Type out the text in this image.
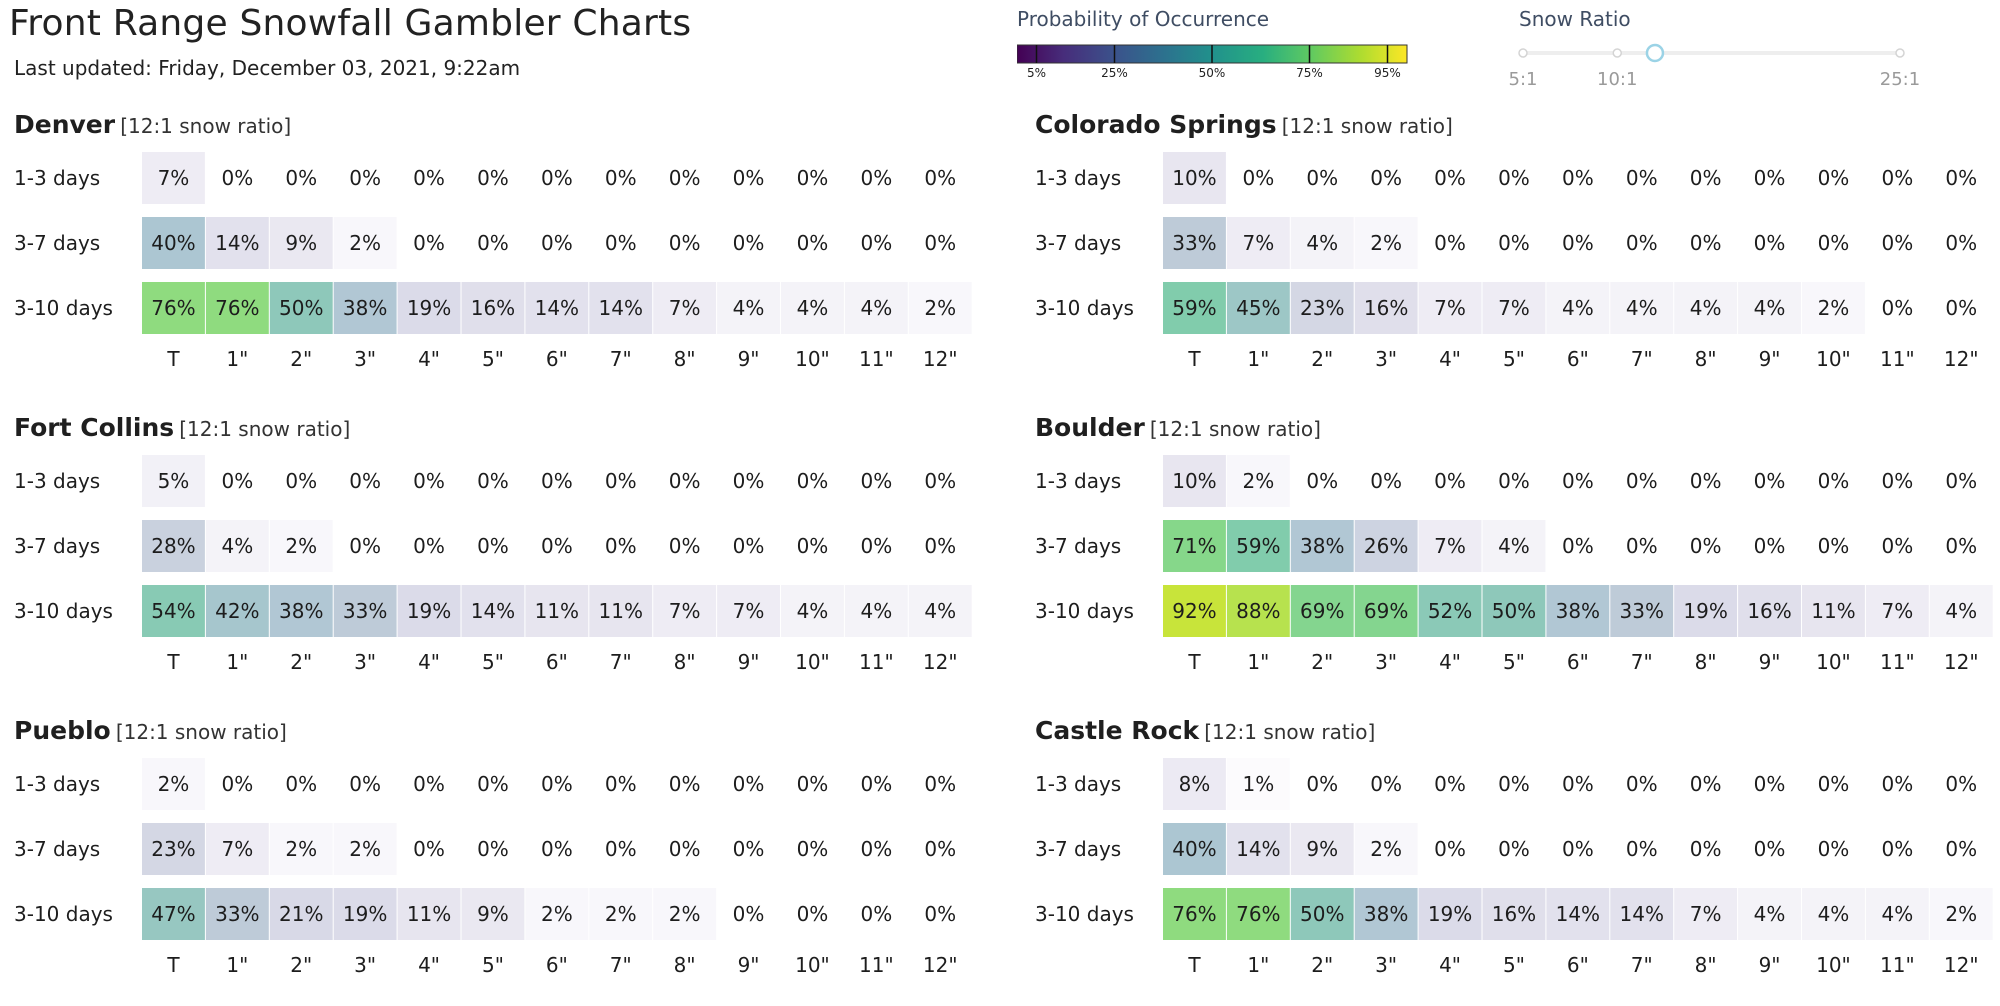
Front Range Snowfall Gambler Charts
Last updated: Friday, December 03, 2021, 9:22am
Probability of Occurrence
5%	25%	50%	75%	95%
Snow Ratio
5:1	10:1	25:1
Denver [12:1 snow ratio]
1-3 days	7% 0% 0% 0% 0% 0% 0% 0% 0% 0% 0% 0% 0%
3-7 days	40% 14% 9% 2% 0% 0% 0% 0% 0% 0% 0% 0% 0%
3-10 days 76% 76% 50% 38% 19% 16% 14% 14% 7% 4% 4% 4% 2%
T 1" 2" 3" 4" 5" 6" 7" 8" 9" 10" 11" 12"
Colorado Springs [12:1 snow ratio]
1-3 days	10% 0% 0% 0% 0% 0% 0% 0% 0% 0% 0% 0% 0%
3-7 days	33% 7% 4% 2% 0% 0% 0% 0% 0% 0% 0% 0% 0%
3-10 days 59% 45% 23% 16% 7% 7% 4% 4% 4% 4% 2% 0% 0%
T 1" 2" 3" 4" 5" 6" 7" 8" 9" 10" 11" 12"
Fort Collins [12:1 snow ratio]
1-3 days	5% 0% 0% 0% 0% 0% 0% 0% 0% 0% 0% 0% 0%
3-7 days	28% 4% 2% 0% 0% 0% 0% 0% 0% 0% 0% 0% 0%
3-10 days 54% 42% 38% 33% 19% 14% 11% 11% 7% 7% 4% 4% 4%
T 1" 2" 3" 4" 5" 6" 7" 8" 9" 10" 11" 12"
Boulder [12:1 snow ratio]
1-3 days	10% 2% 0% 0% 0% 0% 0% 0% 0% 0% 0% 0% 0%
3-7 days	71% 59% 38% 26% 7% 4% 0% 0% 0% 0% 0% 0% 0%
3-10 days 92% 88% 69% 69% 52% 50% 38% 33% 19% 16% 11% 7% 4%
T 1" 2" 3" 4" 5" 6" 7" 8" 9" 10" 11" 12"
Pueblo [12:1 snow ratio]
1-3 days	2% 0% 0% 0% 0% 0% 0% 0% 0% 0% 0% 0% 0%
3-7 days	23% 7% 2% 2% 0% 0% 0% 0% 0% 0% 0% 0% 0%
3-10 days 47% 33% 21% 19% 11% 9% 2% 2% 2% 0% 0% 0% 0%
T 1" 2" 3" 4" 5" 6" 7" 8" 9" 10" 11" 12"
Castle Rock [12:1 snow ratio]
1-3 days	8% 1% 0% 0% 0% 0% 0% 0% 0% 0% 0% 0% 0%
3-7 days	40% 14% 9% 2% 0% 0% 0% 0% 0% 0% 0% 0% 0%
3-10 days 76% 76% 50% 38% 19% 16% 14% 14% 7% 4% 4% 4% 2%
T 1" 2" 3" 4" 5" 6" 7" 8" 9" 10" 11" 12"
